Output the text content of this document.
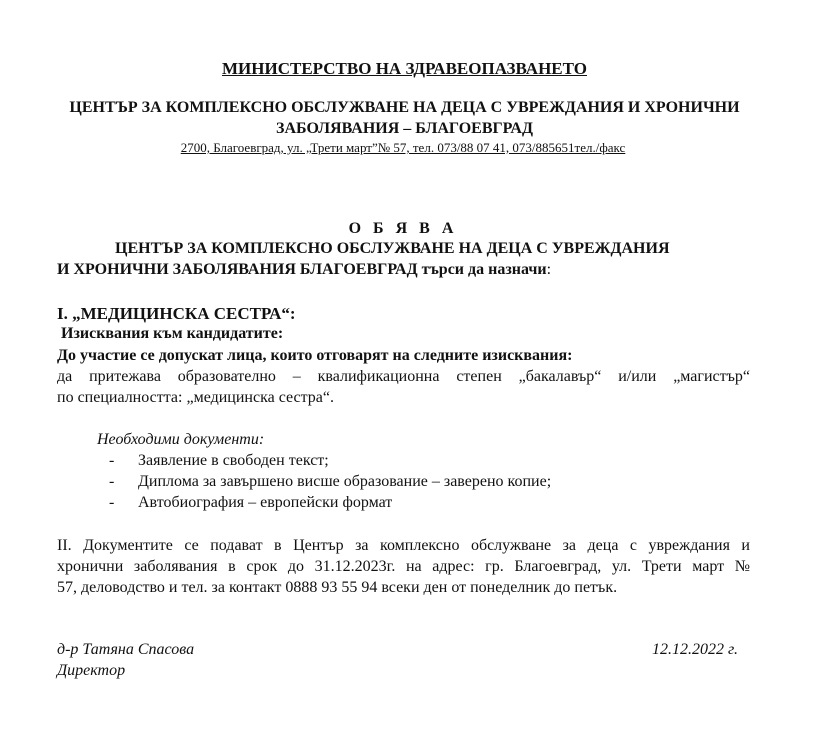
МИНИСТЕРСТВО НА ЗДРАВЕОПАЗВАНЕТО
ЦЕНТЪР ЗА КОМПЛЕКСНО ОБСЛУЖВАНЕ НА ДЕЦА С УВРЕЖДАНИЯ И ХРОНИЧНИ ЗАБОЛЯВАНИЯ – БЛАГОЕВГРАД
2700, Благоевград, ул. „Трети март”№ 57, тел. 073/88 07 41, 073/885651тел./факс
О Б Я В А
ЦЕНТЪР ЗА КОМПЛЕКСНО ОБСЛУЖВАНЕ НА ДЕЦА С УВРЕЖДАНИЯ
И ХРОНИЧНИ ЗАБОЛЯВАНИЯ БЛАГОЕВГРАД търси да назначи:
I. „МЕДИЦИНСКА СЕСТРА“:
Изисквания към кандидатите:
До участие се допускат лица, които отговарят на следните изисквания:
да притежава образователно – квалификационна степен „бакалавър“ и/или „магистър“
по специалността: „медицинска сестра“.
Необходими документи:
- Заявление в свободен текст;
- Диплома за завършено висше образование – заверено копие;
- Автобиография – европейски формат
II. Документите се подават в Център за комплексно обслужване за деца с увреждания и
хронични заболявания в срок до 31.12.2023г. на адрес: гр. Благоевград, ул. Трети март №
57, деловодство и тел. за контакт 0888 93 55 94 всеки ден от понеделник до петък.
д-р Татяна Спасова
Директор
12.12.2022 г.
